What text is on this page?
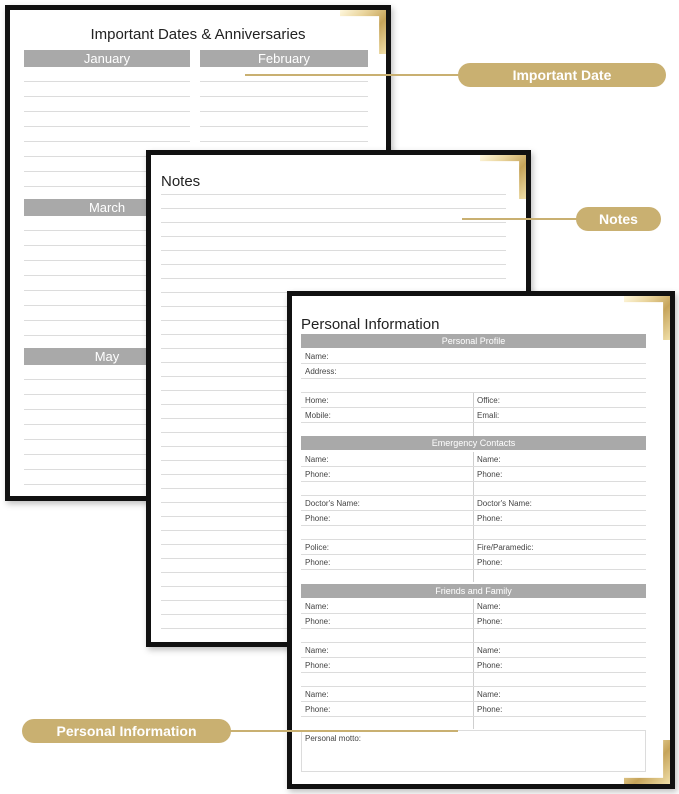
Important Dates & Anniversaries
January	February
March
May
Notes
Personal Information
Personal Profile
Name:
Address:
Home:	Office:
Mobile:	Emali:
Emergency Contacts
Name:	Name:
Phone:	Phone:
Doctor's Name:	Doctor's Name:
Phone:	Phone:
Police:	Fire/Paramedic:
Phone:	Phone:
Friends and Family
Name:	Name:
Phone:	Phone:
Name:	Name:
Phone:	Phone:
Name:	Name:
Phone:	Phone:
Personal motto:
Important Date
Notes
Personal Information
